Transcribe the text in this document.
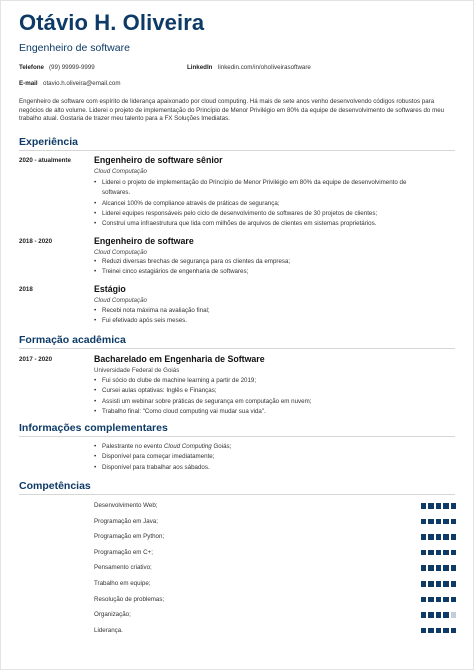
Otávio H. Oliveira
Engenheiro de software
Telefone (99) 99999-9999	LinkedIn linkedin.com/in/ohoIiveirasoftware
E-mail otavio.h.oliveira@email.com
Engenheiro de software com espírito de liderança apaixonado por cloud computing. Há mais de sete anos venho desenvolvendo códigos robustos para negócios de alto volume. Liderei o projeto de implementação do Princípio de Menor Privilégio em 80% da equipe de desenvolvimento de softwares do meu trabalho atual. Gostaria de trazer meu talento para a FX Soluções Imediatas.
Experiência
2020 - atualmente	Engenheiro de software sênior
Cloud Computação
• Liderei o projeto de implementação do Princípio de Menor Privilégio em 80% da equipe de desenvolvimento de softwares.
• Alcancei 100% de compliance através de práticas de segurança;
• Liderei equipes responsáveis pelo ciclo de desenvolvimento de softwares de 30 projetos de clientes;
• Construí uma infraestrutura que lida com milhões de arquivos de clientes em sistemas proprietários.
2018 - 2020	Engenheiro de software
Cloud Computação
• Reduzi diversas brechas de segurança para os clientes da empresa;
• Treinei cinco estagiários de engenharia de softwares;
2018	Estágio
Cloud Computação
• Recebi nota máxima na avaliação final;
• Fui efetivado após seis meses.
Formação acadêmica
2017 - 2020	Bacharelado em Engenharia de Software
Universidade Federal de Goiás
• Fui sócio do clube de machine learning a partir de 2019;
• Cursei aulas optativas: Inglês e Finanças;
• Assisti um webinar sobre práticas de segurança em computação em nuvem;
• Trabalho final: "Como cloud computing vai mudar sua vida".
Informações complementares
• Palestrante no evento Cloud Computing Goiás;
• Disponível para começar imediatamente;
• Disponível para trabalhar aos sábados.
Competências
Desenvolvimento Web;
Programação em Java;
Programação em Python;
Programação em C+;
Pensamento criativo;
Trabalho em equipe;
Resolução de problemas;
Organização;
Liderança.
